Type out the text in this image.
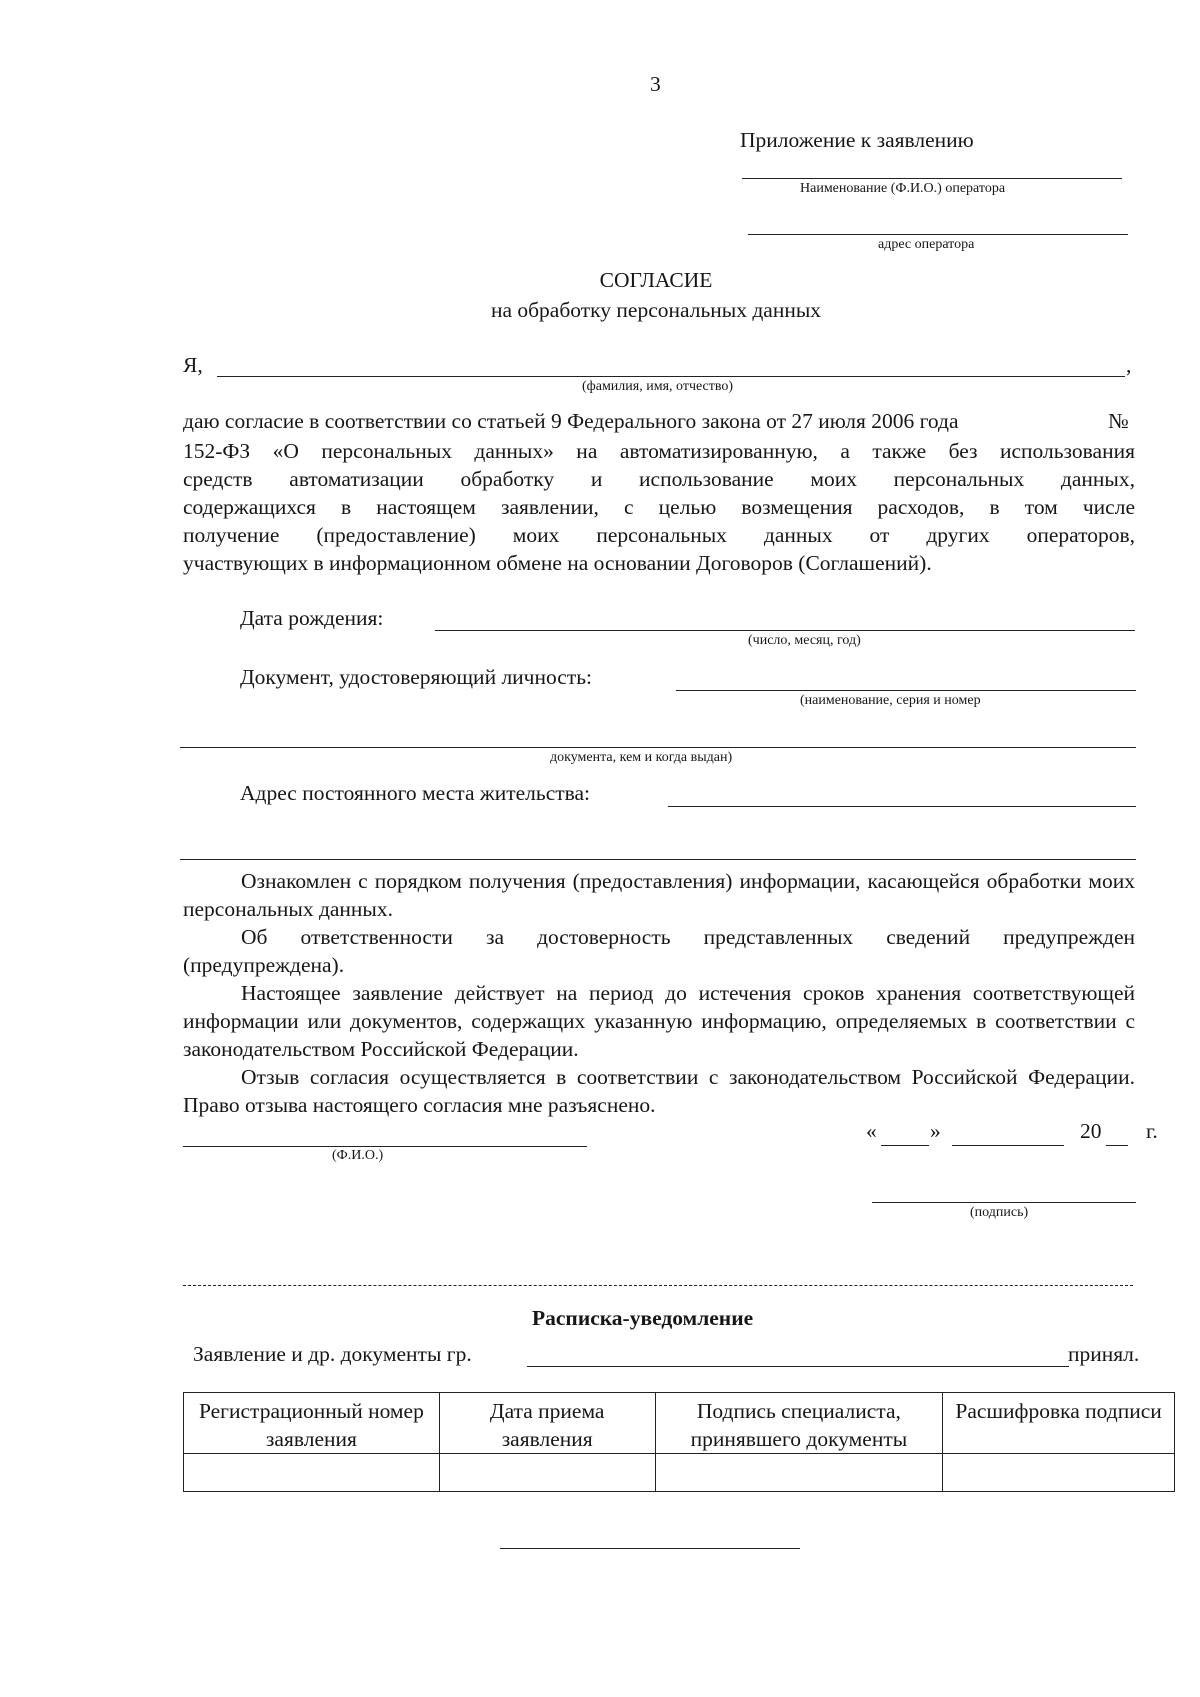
3
Приложение к заявлению
Наименование (Ф.И.О.) оператора
адрес оператора
СОГЛАСИЕ
на обработку персональных данных
Я,	,
(фамилия, имя, отчество)
даю согласие в соответствии со статьей 9 Федерального закона от 27 июля 2006 года	№
152-ФЗ «О персональных данных» на автоматизированную, а также без использования
средств автоматизации обработку и использование моих персональных данных,
содержащихся в настоящем заявлении, с целью возмещения расходов, в том числе
получение (предоставление) моих персональных данных от других операторов,
участвующих в информационном обмене на основании Договоров (Соглашений).
Дата рождения:
(число, месяц, год)
Документ, удостоверяющий личность:
(наименование, серия и номер
документа, кем и когда выдан)
Адрес постоянного места жительства:
Ознакомлен с порядком получения (предоставления) информации, касающейся обработки моих персональных данных.
Об ответственности за достоверность представленных сведений предупрежден (предупреждена).
Настоящее заявление действует на период до истечения сроков хранения соответствующей информации или документов, содержащих указанную информацию, определяемых в соответствии с законодательством Российской Федерации.
Отзыв согласия осуществляется в соответствии с законодательством Российской Федерации. Право отзыва настоящего согласия мне разъяснено.
(Ф.И.О.)
« »	20 г.
(подпись)
Расписка-уведомление
Заявление и др. документы гр.	принял.
Регистрационный номер заявления	Дата приема заявления	Подпись специалиста, принявшего документы	Расшифровка подписи
